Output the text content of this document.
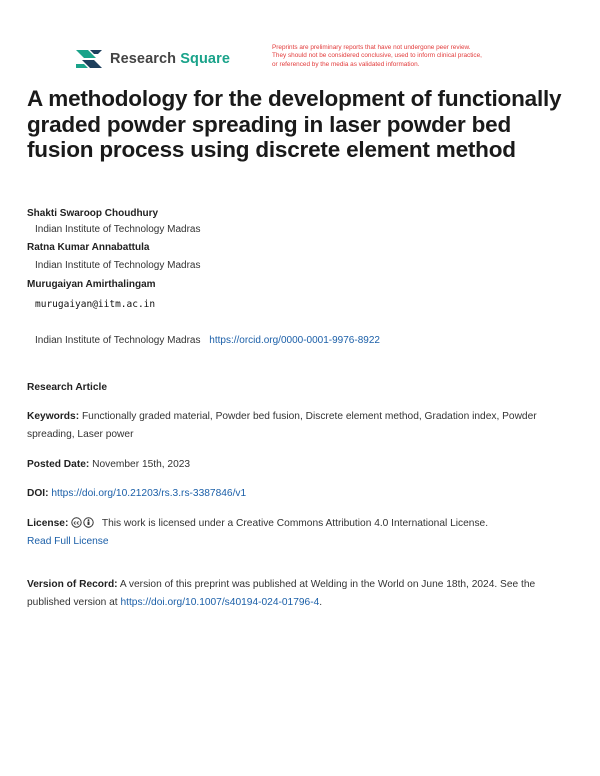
Research Square
Preprints are preliminary reports that have not undergone peer review.
They should not be considered conclusive, used to inform clinical practice,
or referenced by the media as validated information.
A methodology for the development of functionally graded powder spreading in laser powder bed fusion process using discrete element method
Shakti Swaroop Choudhury
Indian Institute of Technology Madras
Ratna Kumar Annabattula
Indian Institute of Technology Madras
Murugaiyan Amirthalingam
murugaiyan@iitm.ac.in
Indian Institute of Technology Madras https://orcid.org/0000-0001-9976-8922
Research Article
Keywords: Functionally graded material, Powder bed fusion, Discrete element method, Gradation index, Powder spreading, Laser power
Posted Date: November 15th, 2023
DOI: https://doi.org/10.21203/rs.3.rs-3387846/v1
License: cc This work is licensed under a Creative Commons Attribution 4.0 International License.
Read Full License
Version of Record: A version of this preprint was published at Welding in the World on June 18th, 2024. See the published version at https://doi.org/10.1007/s40194-024-01796-4.
